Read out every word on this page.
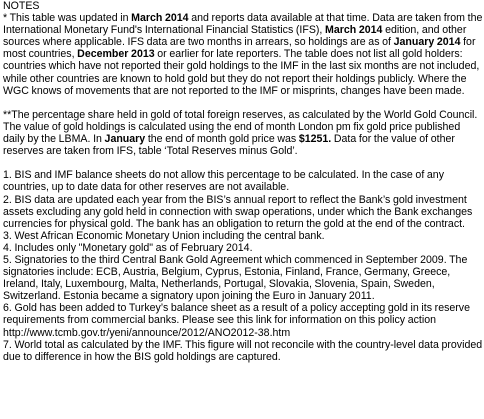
NOTES

* This table was updated in March 2014 and reports data available at that time. Data are taken from the International Monetary Fund's International Financial Statistics (IFS), March 2014 edition, and other sources where applicable. IFS data are two months in arrears, so holdings are as of January 2014 for most countries, December 2013 or earlier for late reporters. The table does not list all gold holders: countries which have not reported their gold holdings to the IMF in the last six months are not included, while other countries are known to hold gold but they do not report their holdings publicly. Where the WGC knows of movements that are not reported to the IMF or misprints, changes have been made.

**The percentage share held in gold of total foreign reserves, as calculated by the World Gold Council. The value of gold holdings is calculated using the end of month London pm fix gold price published daily by the LBMA. In January the end of month gold price was $1251. Data for the value of other reserves are taken from IFS, table ‘Total Reserves minus Gold’.

1. BIS and IMF balance sheets do not allow this percentage to be calculated. In the case of any countries, up to date data for other reserves are not available.

2. BIS data are updated each year from the BIS’s annual report to reflect the Bank’s gold investment assets excluding any gold held in connection with swap operations, under which the Bank exchanges currencies for physical gold. The bank has an obligation to return the gold at the end of the contract.

3. West African Economic Monetary Union including the central bank.

4. Includes only "Monetary gold" as of February 2014.

5. Signatories to the third Central Bank Gold Agreement which commenced in September 2009. The signatories include: ECB, Austria, Belgium, Cyprus, Estonia, Finland, France, Germany, Greece, Ireland, Italy, Luxembourg, Malta, Netherlands, Portugal, Slovakia, Slovenia, Spain, Sweden, Switzerland. Estonia became a signatory upon joining the Euro in January 2011.

6. Gold has been added to Turkey’s balance sheet as a result of a policy accepting gold in its reserve requirements from commercial banks. Please see this link for information on this policy action http://www.tcmb.gov.tr/yeni/announce/2012/ANO2012-38.htm

7. World total as calculated by the IMF. This figure will not reconcile with the country-level data provided due to difference in how the BIS gold holdings are captured.
